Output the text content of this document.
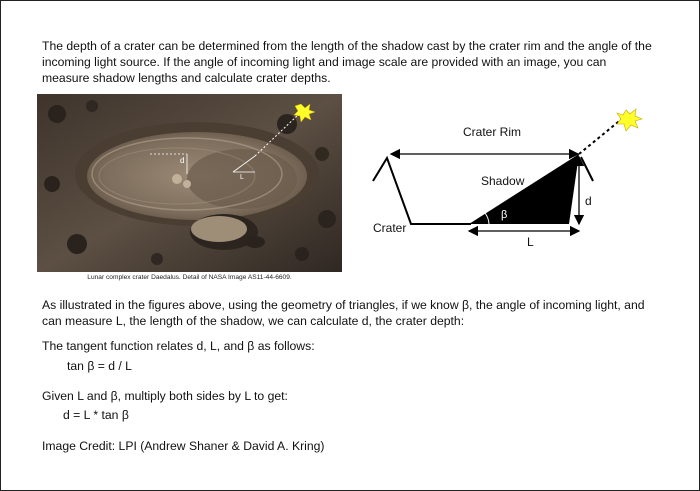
The depth of a crater can be determined from the length of the shadow cast by the crater rim and the angle of the incoming light source. If the angle of incoming light and image scale are provided with an image, you can measure shadow lengths and calculate crater depths.

d
L
Lunar complex crater Daedalus. Detail of NASA Image AS11-44-6609.
Crater Rim
Shadow
Crater
β
d
L

As illustrated in the figures above, using the geometry of triangles, if we know β, the angle of incoming light, and can measure L, the length of the shadow, we can calculate d, the crater depth:

The tangent function relates d, L, and β as follows:

tan β = d / L

Given L and β, multiply both sides by L to get:

d = L * tan β

Image Credit: LPI (Andrew Shaner & David A. Kring)
